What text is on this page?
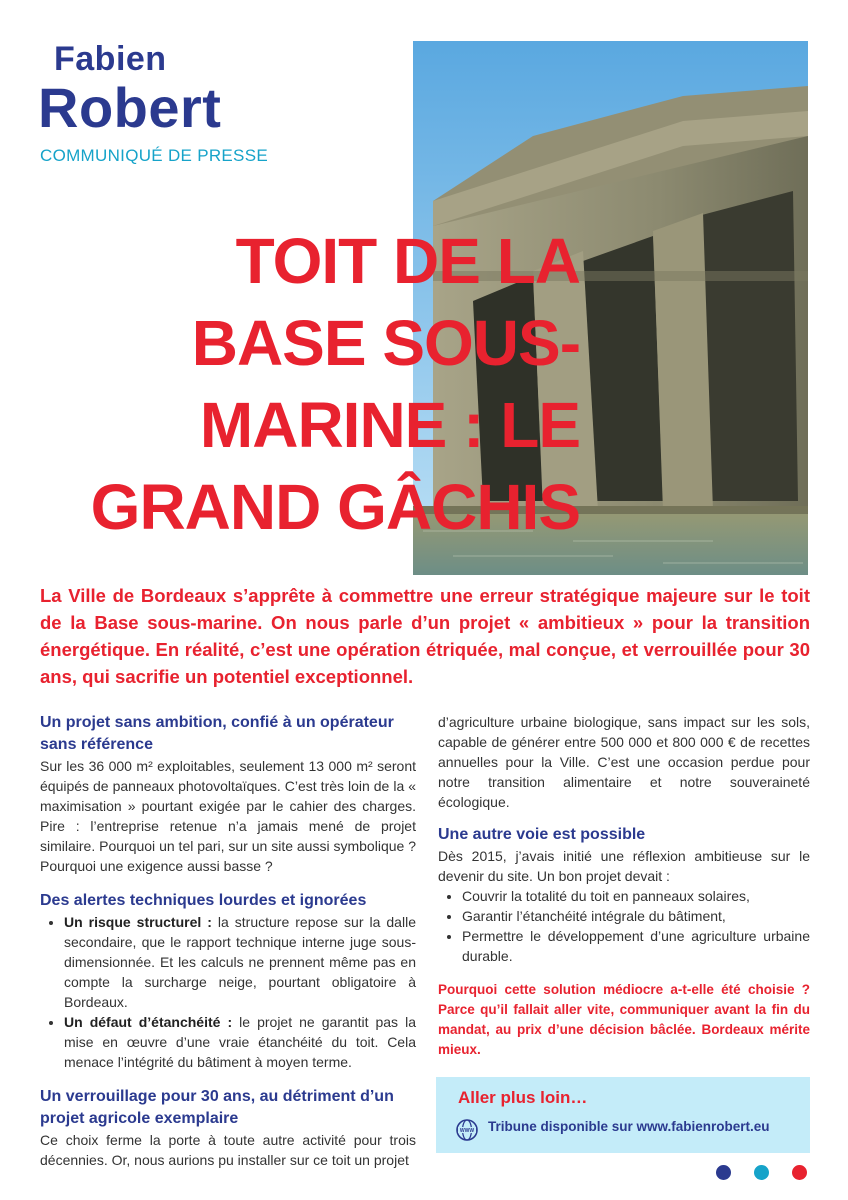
Fabien
Robert
COMMUNIQUÉ DE PRESSE
TOIT DE LA
BASE SOUS-
MARINE : LE
GRAND GÂCHIS

La Ville de Bordeaux s’apprête à commettre une erreur stratégique majeure sur le toit de la Base sous-marine. On nous parle d’un projet « ambitieux » pour la transition énergétique. En réalité, c’est une opération étriquée, mal conçue, et verrouillée pour 30 ans, qui sacrifie un potentiel exceptionnel.

Un projet sans ambition, confié à un opérateur sans référence

Sur les 36 000 m² exploitables, seulement 13 000 m² seront équipés de panneaux photovoltaïques. C’est très loin de la « maximisation » pourtant exigée par le cahier des charges. Pire : l’entreprise retenue n’a jamais mené de projet similaire. Pourquoi un tel pari, sur un site aussi symbolique ? Pourquoi une exigence aussi basse ?

Des alertes techniques lourdes et ignorées
• Un risque structurel : la structure repose sur la dalle secondaire, que le rapport technique interne juge sous-dimensionnée. Et les calculs ne prennent même pas en compte la surcharge neige, pourtant obligatoire à Bordeaux.
• Un défaut d’étanchéité : le projet ne garantit pas la mise en œuvre d’une vraie étanchéité du toit. Cela menace l’intégrité du bâtiment à moyen terme.
Un verrouillage pour 30 ans, au détriment d’un projet agricole exemplaire

Ce choix ferme la porte à toute autre activité pour trois décennies. Or, nous aurions pu installer sur ce toit un projet

d’agriculture urbaine biologique, sans impact sur les sols, capable de générer entre 500 000 et 800 000 € de recettes annuelles pour la Ville. C’est une occasion perdue pour notre transition alimentaire et notre souveraineté écologique.

Une autre voie est possible

Dès 2015, j’avais initié une réflexion ambitieuse sur le devenir du site. Un bon projet devait :

• Couvrir la totalité du toit en panneaux solaires,
• Garantir l’étanchéité intégrale du bâtiment,
• Permettre le développement d’une agriculture urbaine durable.

Pourquoi cette solution médiocre a-t-elle été choisie ? Parce qu’il fallait aller vite, communiquer avant la fin du mandat, au prix d’une décision bâclée. Bordeaux mérite mieux.

Aller plus loin…
WWW Tribune disponible sur www.fabienrobert.eu
